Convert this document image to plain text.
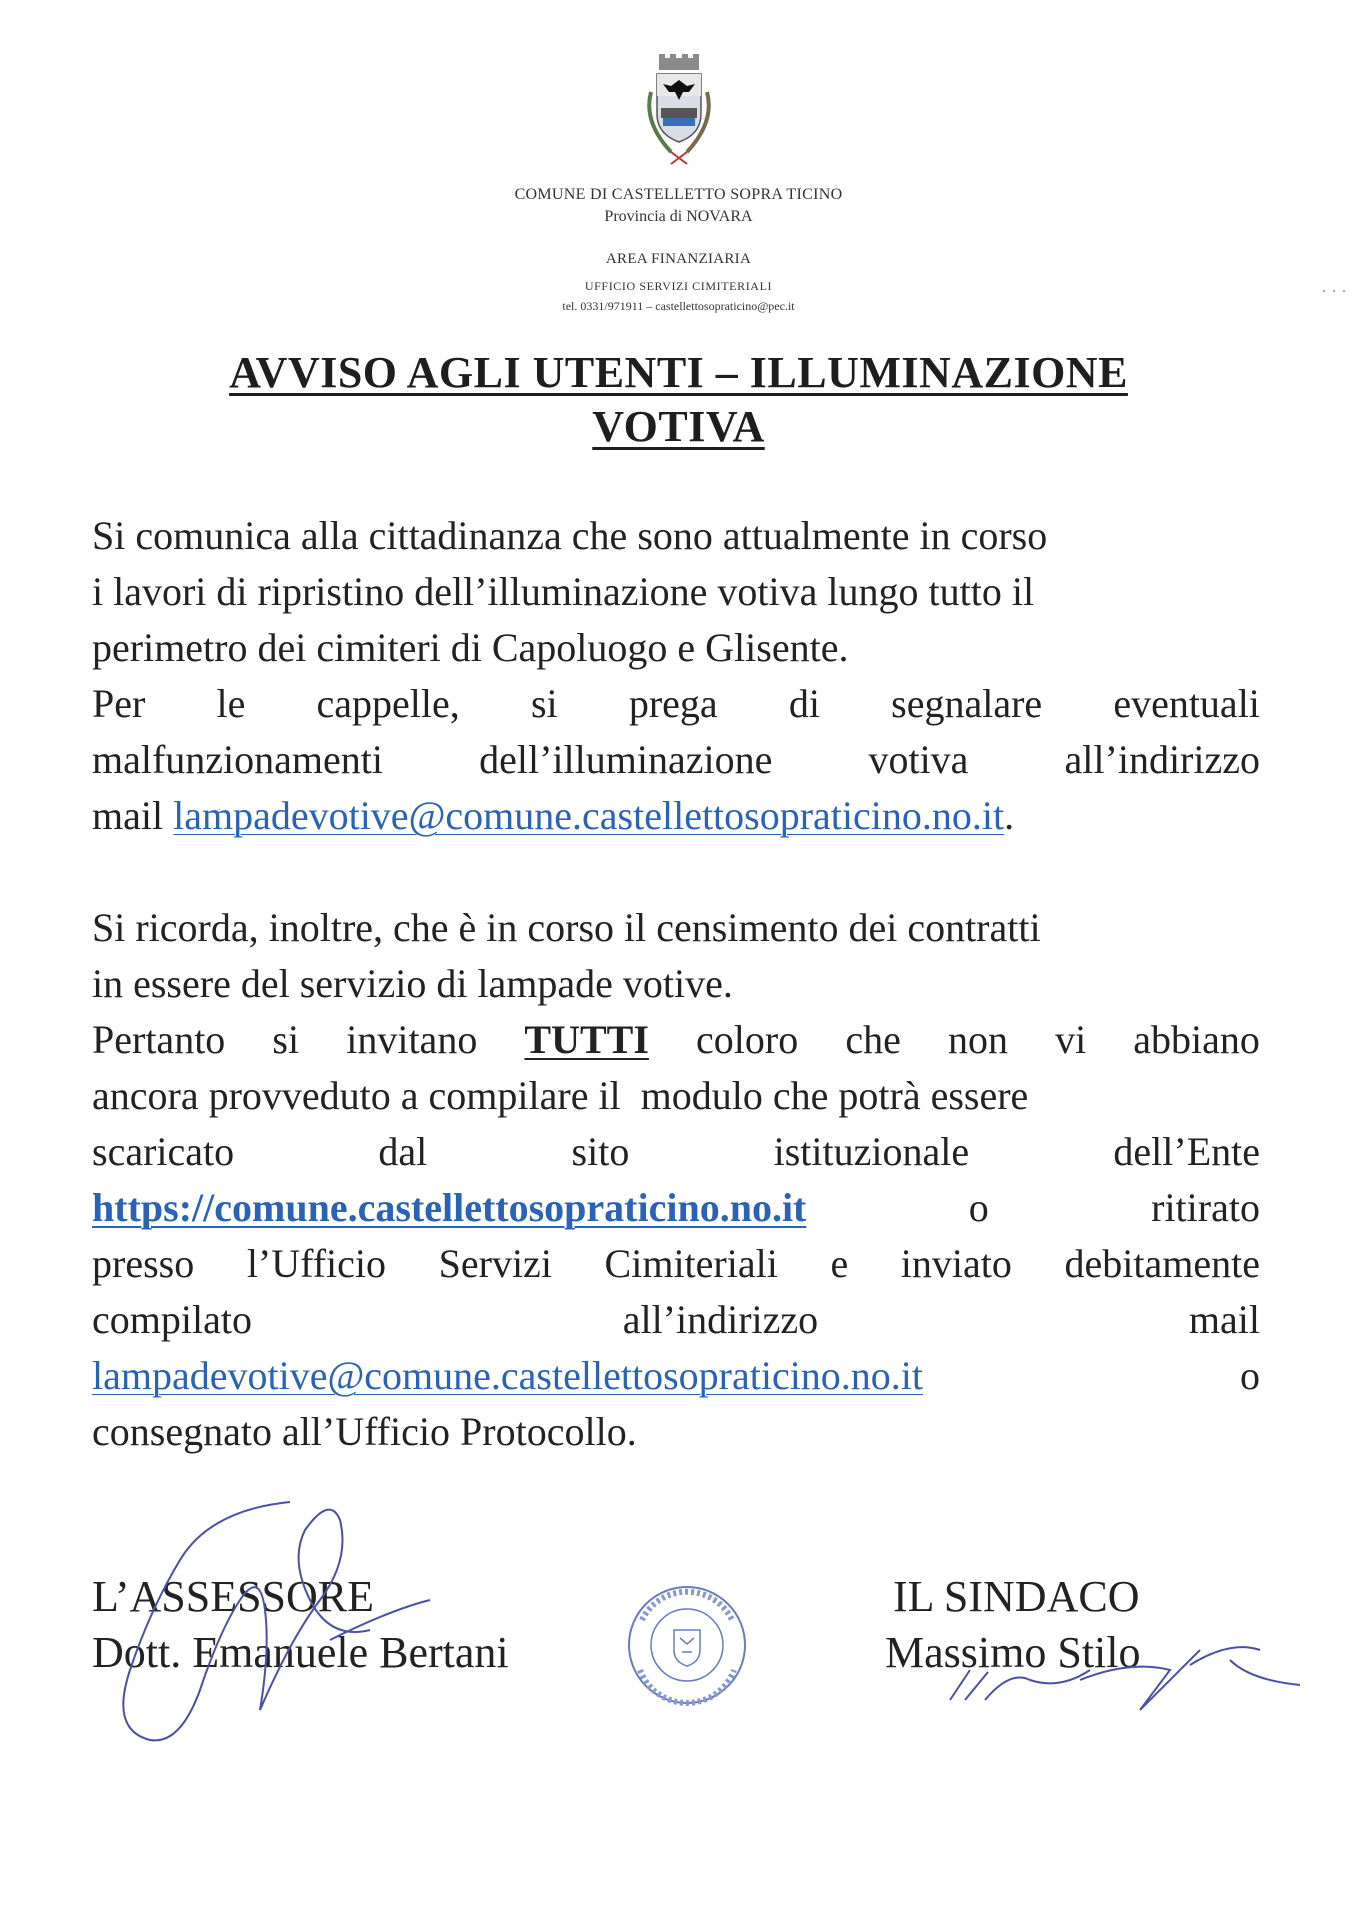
COMUNE DI CASTELLETTO SOPRA TICINO
Provincia di NOVARA
AREA FINANZIARIA
UFFICIO SERVIZI CIMITERIALI
tel. 0331/971911 – castellettosopraticino@pec.it
AVVISO AGLI UTENTI – ILLUMINAZIONE
VOTIVA
Si comunica alla cittadinanza che sono attualmente in corso
i lavori di ripristino dell’illuminazione votiva lungo tutto il
perimetro dei cimiteri di Capoluogo e Glisente.
Per le cappelle, si prega di segnalare eventuali
malfunzionamenti dell’illuminazione votiva all’indirizzo
mail lampadevotive@comune.castellettosopraticino.no.it.
Si ricorda, inoltre, che è in corso il censimento dei contratti
in essere del servizio di lampade votive.
Pertanto si invitano TUTTI coloro che non vi abbiano
ancora provveduto a compilare il  modulo che potrà essere
scaricato	dal	sito	istituzionale	dell’Ente
https://comune.castellettosopraticino.no.it	o	ritirato
presso l’Ufficio Servizi Cimiteriali e inviato debitamente
compilato	all’indirizzo	mail
lampadevotive@comune.castellettosopraticino.no.it	o
consegnato all’Ufficio Protocollo.
L’ASSESSORE
Dott. Emanuele Bertani
IL SINDACO
Massimo Stilo
